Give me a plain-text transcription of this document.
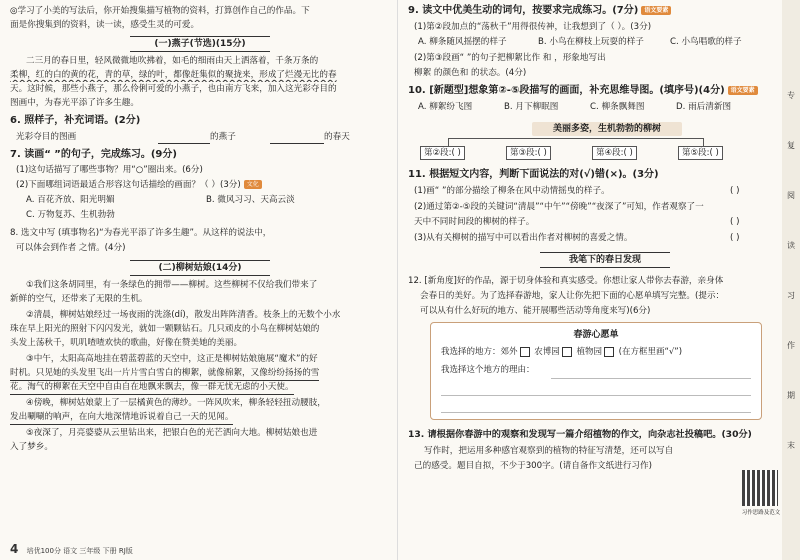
◎学习了小美的写法后，你开始搜集描写植物的资料，打算创作自己的作品。下
面是你搜集到的资料，读一读，感受生灵的可爱。
(一)燕子(节选)(15分)
二三月的春日里，轻风微微地吹拂着，如毛的细雨由天上洒落着，千条万条的
柔柳，红的白的黄的花，青的草，绿的叶，都像赶集似的聚拢来，形成了烂漫无比的春
天。这时候，那些小燕子，那么伶俐可爱的小燕子，也由南方飞来，加入这光彩夺目的
图画中，为春光平添了许多生趣。
6. 照样子，补充词语。(2分)
光彩夺目的图画	的燕子	的春天
7. 读画“ ”的句子，完成练习。(9分)
(1)这句话描写了哪些事物？用“○”圈出来。(6分)
(2)下面哪组词语最适合形容这句话描绘的画面？（ ）(3分) 文化
A. 百花齐放、阳光明媚	B. 微风习习、天高云淡
C. 万物复苏、生机勃勃
8. 选文中写 (填事物名)“为春光平添了许多生趣”。从这样的说法中，
可以体会到作者 之情。(4分)
(二)柳树姑娘(14分)
①我们这条胡同里，有一条绿色的拥带——柳树。这些柳树不仅给我们带来了
新鲜的空气，还带来了无限的生机。
②清晨，柳树姑娘经过一场夜雨的洗涤(dí)，散发出阵阵清香。枝条上的无数个小水
珠在早上阳光的照射下闪闪发光，就如一颗颗钻石。几只顽皮的小鸟在柳树姑娘的
头发上荡秋千，叽叽喳喳欢快的歌曲，好像在赞美她的美丽。
③中午，太阳高高地挂在碧蓝碧蓝的天空中，这正是柳树姑娘施展“魔术”的好
时机。只见她的头发里飞出一片片雪白雪白的柳絮，就像棉絮，又像纷纷扬扬的雪
花。淘气的柳絮在天空中自由自在地飘来飘去，像一群无忧无虑的小天使。
④傍晚，柳树姑娘蒙上了一层橘黄色的薄纱。一阵风吹来，柳条轻轻扭动腰肢，
发出唰唰的响声，在向大地深情地诉说着自己一天的见闻。
⑤夜深了，月亮婆婆从云里钻出来，把银白色的光芒洒向大地。柳树姑娘也进
入了梦乡。
4 培优100分 语文 三年级 下册 RJ版
9. 读文中优美生动的词句，按要求完成练习。(7分) 语文要素
(1)第②段加点的“荡秋千”用得很传神，让我想到了（ ）。(3分)
A. 柳条随风摇摆的样子	B. 小鸟在柳枝上玩耍的样子	C. 小鸟唱歌的样子
(2)第③段画“ ”的句子把柳絮比作 和 ，形象地写出
柳絮 的颜色和 的状态。(4分)
10. [新题型]想象第②-⑤段描写的画面，补充思维导图。(填序号)(4分) 语文要素
A. 柳絮纷飞图	B. 月下柳眠图	C. 柳条飘舞图	D. 雨后清新图
美丽多姿，生机勃勃的柳树
第②段:( )	第③段:( )	第④段:( )	第⑤段:( )
11. 根据短文内容，判断下面说法的对(√)错(×)。(3分)
(1)画“ ”的部分描绘了柳条在风中动情摇曳的样子。	( )
(2)通过第②-⑤段的关键词“清晨”“中午”“傍晚”“夜深了”可知，作者观察了一
天中不同时间段的柳树的样子。	( )
(3)从有关柳树的描写中可以看出作者对柳树的喜爱之情。	( )
我笔下的春日发现
12. [新角度]好的作品，源于切身体验和真实感受。你想让家人带你去春游，亲身体
会春日的美好。为了选择春游地，家人让你先把下面的心愿单填写完整。(提示：
可以从有什么好玩的地方、能开展哪些活动等角度来写)(6分)
春游心愿单
我选择的地方：郊外 农博园 植物园 (在方框里画“√”)
我选择这个地方的理由：
13. 请根据你春游中的观察和发现写一篇介绍植物的作文，向杂志社投稿吧。(30分)
写作时，把运用多种感官观察到的植物的特征写清楚，还可以写自
己的感受。题目自拟，不少于300字。(请自备作文纸进行习作)
习作思路及范文
专
复
阅
读
习
作
期
末
